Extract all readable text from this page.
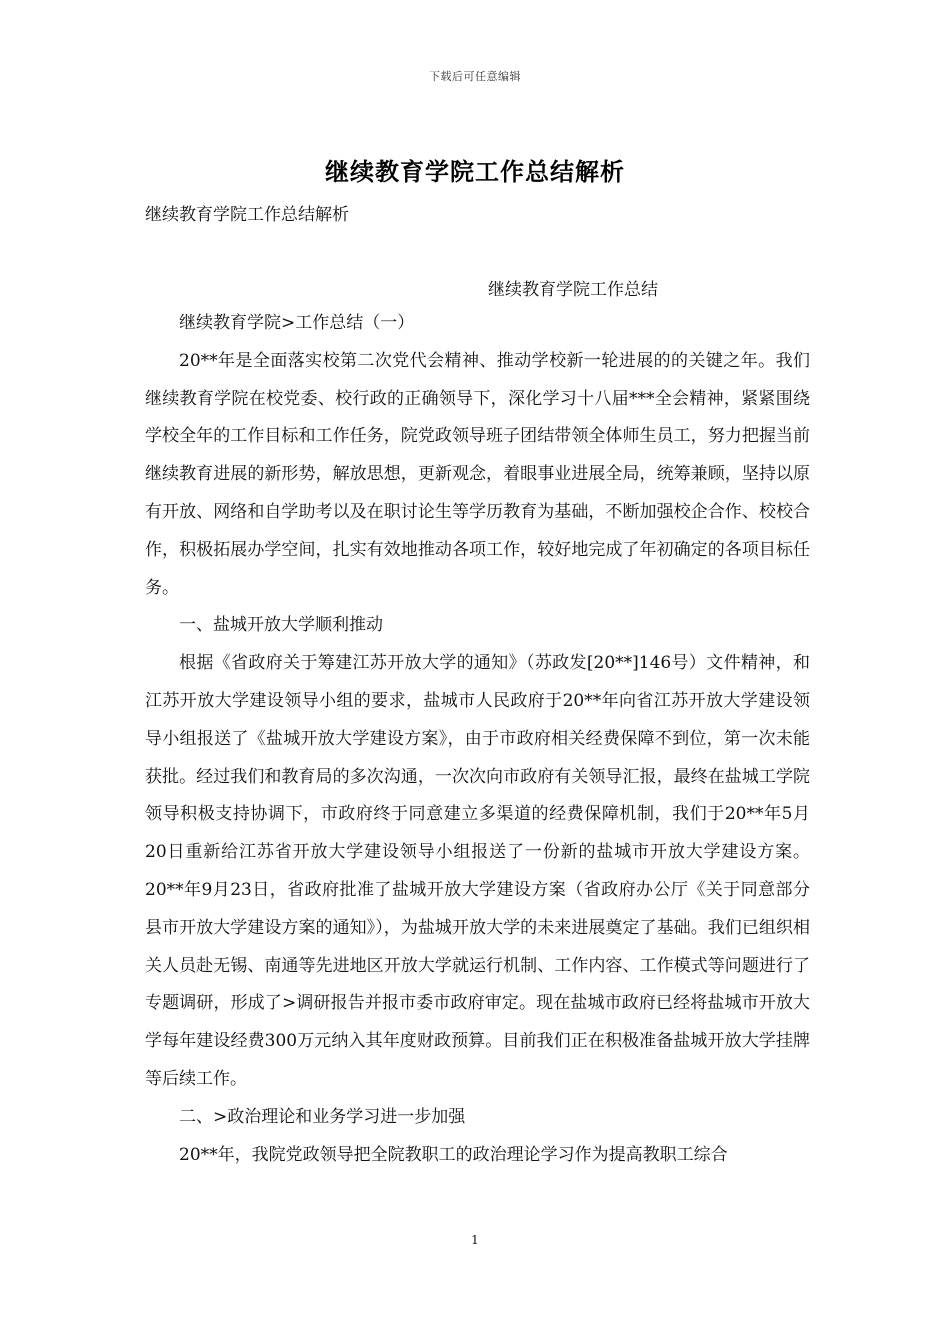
下载后可任意编辑
继续教育学院工作总结解析
继续教育学院工作总结解析
继续教育学院工作总结

继续教育学院>工作总结（一）

20**年是全面落实校第二次党代会精神、推动学校新一轮进展的的关键之年。我们继续教育学院在校党委、校行政的正确领导下，深化学习十八届***全会精神，紧紧围绕学校全年的工作目标和工作任务，院党政领导班子团结带领全体师生员工，努力把握当前继续教育进展的新形势，解放思想，更新观念，着眼事业进展全局，统筹兼顾，坚持以原有开放、网络和自学助考以及在职讨论生等学历教育为基础，不断加强校企合作、校校合作，积极拓展办学空间，扎实有效地推动各项工作，较好地完成了年初确定的各项目标任务。

一、盐城开放大学顺利推动

根据《省政府关于筹建江苏开放大学的通知》（苏政发[20**]146号）文件精神，和江苏开放大学建设领导小组的要求，盐城市人民政府于20**年向省江苏开放大学建设领导小组报送了《盐城开放大学建设方案》，由于市政府相关经费保障不到位，第一次未能获批。经过我们和教育局的多次沟通，一次次向市政府有关领导汇报，最终在盐城工学院领导积极支持协调下，市政府终于同意建立多渠道的经费保障机制，我们于20**年5月20日重新给江苏省开放大学建设领导小组报送了一份新的盐城市开放大学建设方案。20**年9月23日，省政府批准了盐城开放大学建设方案（省政府办公厅《关于同意部分县市开放大学建设方案的通知》），为盐城开放大学的未来进展奠定了基础。我们已组织相关人员赴无锡、南通等先进地区开放大学就运行机制、工作内容、工作模式等问题进行了专题调研，形成了>调研报告并报市委市政府审定。现在盐城市政府已经将盐城市开放大学每年建设经费300万元纳入其年度财政预算。目前我们正在积极准备盐城开放大学挂牌等后续工作。

二、>政治理论和业务学习进一步加强

20**年，我院党政领导把全院教职工的政治理论学习作为提高教职工综合

1
